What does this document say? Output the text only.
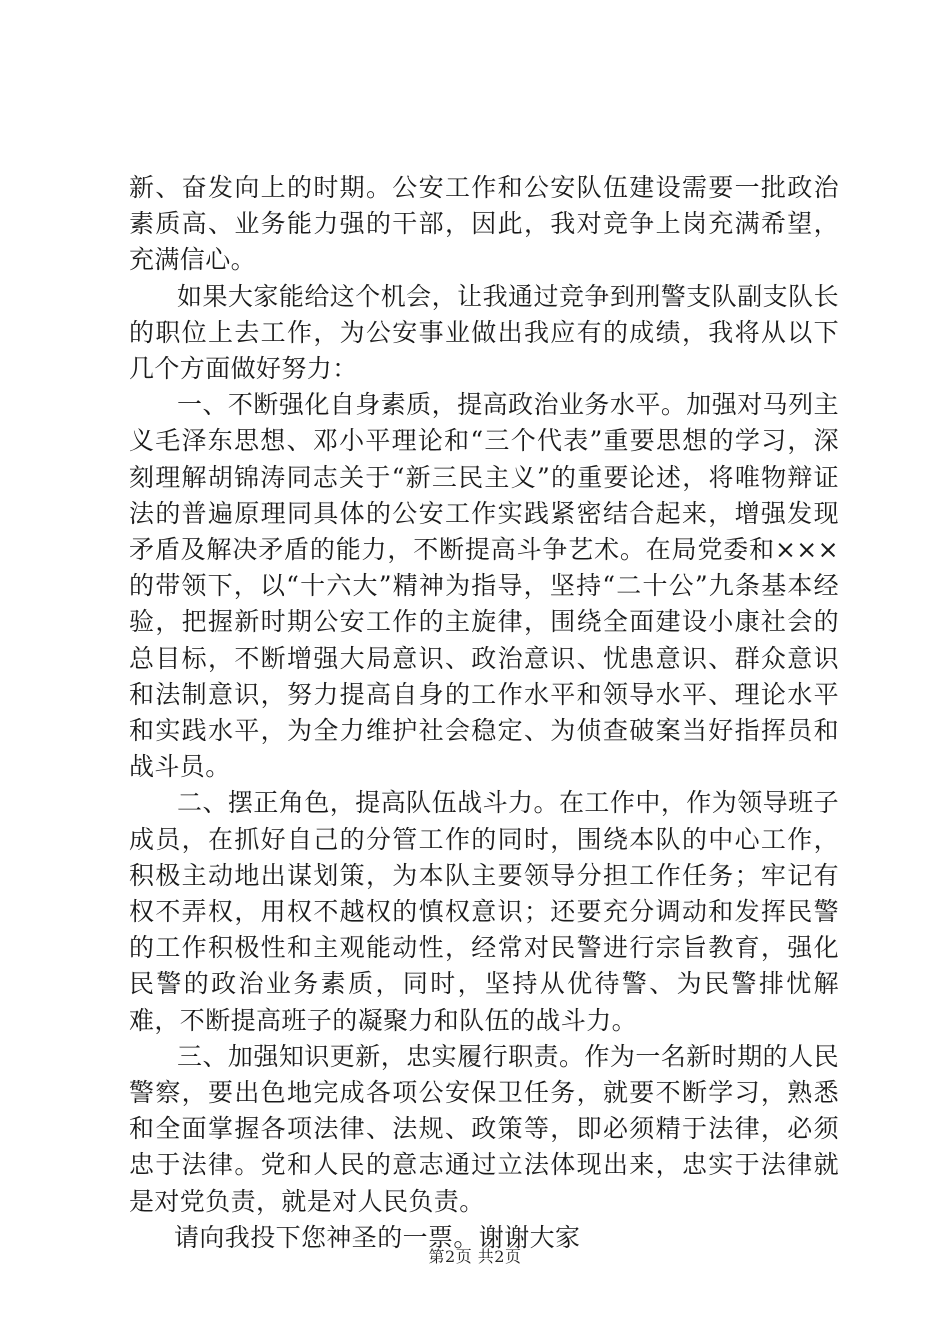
新、奋发向上的时期。公安工作和公安队伍建设需要一批政治素质高、业务能力强的干部，因此，我对竞争上岗充满希望，充满信心。

如果大家能给这个机会，让我通过竞争到刑警支队副支队长的职位上去工作，为公安事业做出我应有的成绩，我将从以下几个方面做好努力：

一、不断强化自身素质，提高政治业务水平。加强对马列主义毛泽东思想、邓小平理论和“三个代表”重要思想的学习，深刻理解胡锦涛同志关于“新三民主义”的重要论述，将唯物辩证法的普遍原理同具体的公安工作实践紧密结合起来，增强发现矛盾及解决矛盾的能力，不断提高斗争艺术。在局党委和×××的带领下，以“十六大”精神为指导，坚持“二十公”九条基本经验，把握新时期公安工作的主旋律，围绕全面建设小康社会的总目标，不断增强大局意识、政治意识、忧患意识、群众意识和法制意识，努力提高自身的工作水平和领导水平、理论水平和实践水平，为全力维护社会稳定、为侦查破案当好指挥员和战斗员。

二、摆正角色，提高队伍战斗力。在工作中，作为领导班子成员，在抓好自己的分管工作的同时，围绕本队的中心工作，积极主动地出谋划策，为本队主要领导分担工作任务；牢记有权不弄权，用权不越权的慎权意识；还要充分调动和发挥民警的工作积极性和主观能动性，经常对民警进行宗旨教育，强化民警的政治业务素质，同时，坚持从优待警、为民警排忧解难，不断提高班子的凝聚力和队伍的战斗力。

三、加强知识更新，忠实履行职责。作为一名新时期的人民警察，要出色地完成各项公安保卫任务，就要不断学习，熟悉和全面掌握各项法律、法规、政策等，即必须精于法律，必须忠于法律。党和人民的意志通过立法体现出来，忠实于法律就是对党负责，就是对人民负责。

请向我投下您神圣的一票。谢谢大家

第2页 共2页
